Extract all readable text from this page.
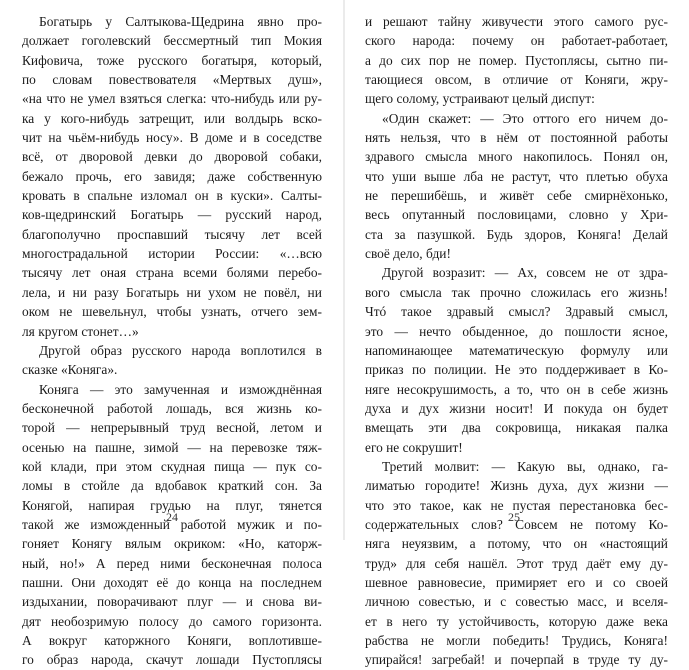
Богатырь у Салтыкова-Щедрина явно про-
должает гоголевский бессмертный тип Мокия
Кифовича, тоже русского богатыря, который,
по словам повествователя «Мертвых душ»,
«на что не умел взяться слегка: что-нибудь или ру-
ка у кого-нибудь затрещит, или волдырь вско-
чит на чьём-нибудь носу». В доме и в соседстве
всё, от дворовой девки до дворовой собаки,
бежало прочь, его завидя; даже собственную
кровать в спальне изломал он в куски». Салты-
ков-щедринский Богатырь — русский народ,
благополучно проспавший тысячу лет всей
многострадальной истории России: «…всю
тысячу лет оная страна всеми болями перебо-
лела, и ни разу Богатырь ни ухом не повёл, ни
оком не шевельнул, чтобы узнать, отчего зем-
ля кругом стонет…»
Другой образ русского народа воплотился в
сказке «Коняга».
Коняга — это замученная и изможднённая
бесконечной работой лошадь, вся жизнь ко-
торой — непрерывный труд весной, летом и
осенью на пашне, зимой — на перевозке тяж-
кой клади, при этом скудная пища — пук со-
ломы в стойле да вдобавок краткий сон. За
Конягой, напирая грудью на плуг, тянется
такой же изможденный работой мужик и по-
гоняет Конягу вялым окриком: «Но, каторж-
ный, но!» А перед ними бесконечная полоса
пашни. Они доходят её до конца на последнем
издыхании, поворачивают плуг — и снова ви-
дят необозримую полосу до самого горизонта.
А вокруг каторжного Коняги, воплотивше-
го образ народа, скачут лошади Пустоплясы
24
и решают тайну живучести этого самого рус-
ского народа: почему он работает-работает,
а до сих пор не помер. Пустоплясы, сытно пи-
тающиеся овсом, в отличие от Коняги, жру-
щего солому, устраивают целый диспут:
«Один скажет: — Это оттого его ничем до-
нять нельзя, что в нём от постоянной работы
здравого смысла много накопилось. Понял он,
что уши выше лба не растут, что плетью обуха
не перешибёшь, и живёт себе смирнёхонько,
весь опутанный пословицами, словно у Хри-
ста за пазушкой. Будь здоров, Коняга! Делай
своё дело, бди!
Другой возразит: — Ах, совсем не от здра-
вого смысла так прочно сложилась его жизнь!
Чтó такое здравый смысл? Здравый смысл,
это — нечто обыденное, до пошлости ясное,
напоминающее математическую формулу или
приказ по полиции. Не это поддерживает в Ко-
няге несокрушимость, а то, что он в себе жизнь
духа и дух жизни носит! И покуда он будет
вмещать эти два сокровища, никакая палка
его не сокрушит!
Третий молвит: — Какую вы, однако, га-
лиматью городите! Жизнь духа, дух жизни —
что это такое, как не пустая перестановка бес-
содержательных слов? Совсем не потому Ко-
няга неуязвим, а потому, что он «настоящий
труд» для себя нашёл. Этот труд даёт ему ду-
шевное равновесие, примиряет его и со своей
личною совестью, и с совестью масс, и вселя-
ет в него ту устойчивость, которую даже века
рабства не могли победить! Трудись, Коняга!
упирайся! загребай! и почерпай в труде ту ду-
25
